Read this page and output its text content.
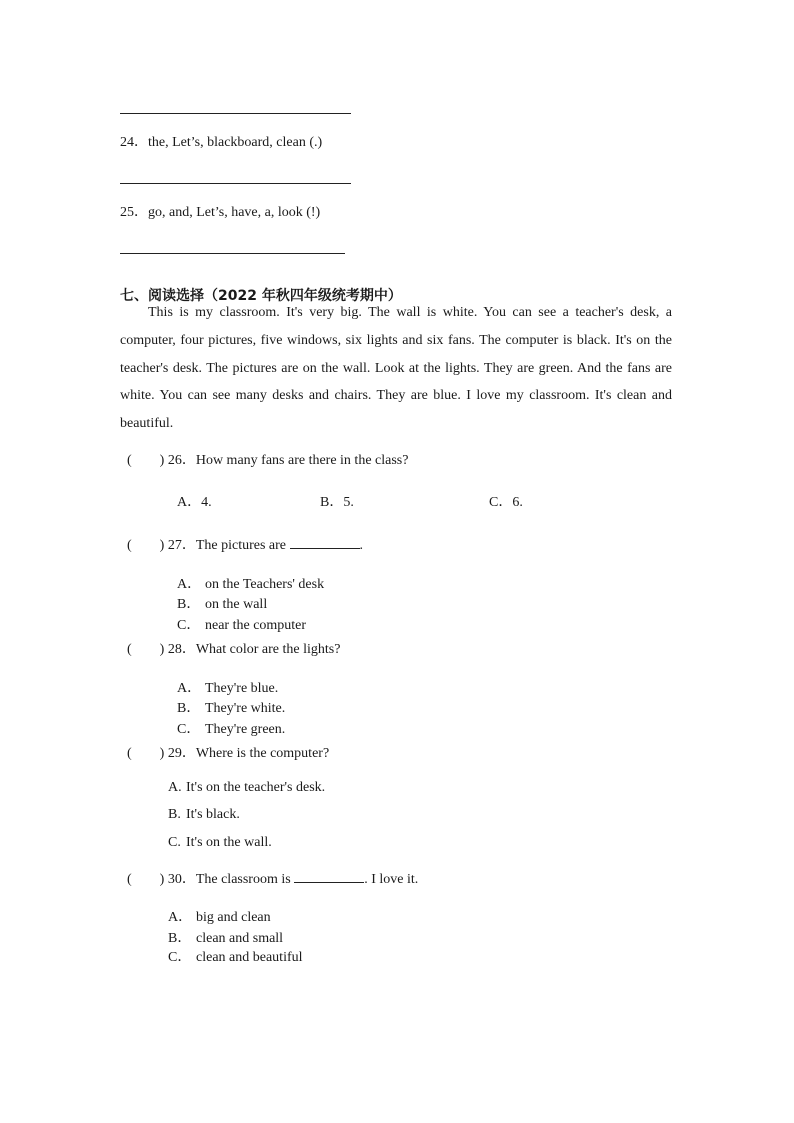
24．the, Let’s, blackboard, clean (.)
25．go, and, Let’s, have, a, look (!)
七、阅读选择（2022 年秋四年级统考期中）

This is my classroom. It's very big. The wall is white. You can see a teacher's desk, a computer, four pictures, five windows, six lights and six fans. The computer is black. It's on the teacher's desk. The pictures are on the wall. Look at the lights. They are green. And the fans are white. You can see many desks and chairs. They are blue. I love my classroom. It's clean and beautiful.

(　　) 26．How many fans are there in the class?
A．4.	B．5.	C．6.
(　　) 27．The pictures are	.
A． on the Teachers' desk
B． on the wall
C． near the computer
(　　) 28．What color are the lights?
A． They're blue.
B． They're white.
C． They're green.
(　　) 29．Where is the computer?
A. It's on the teacher's desk.
B. It's black.
C. It's on the wall.
(　　) 30．The classroom is	. I love it.
A． big and clean
B． clean and small
C． clean and beautiful
